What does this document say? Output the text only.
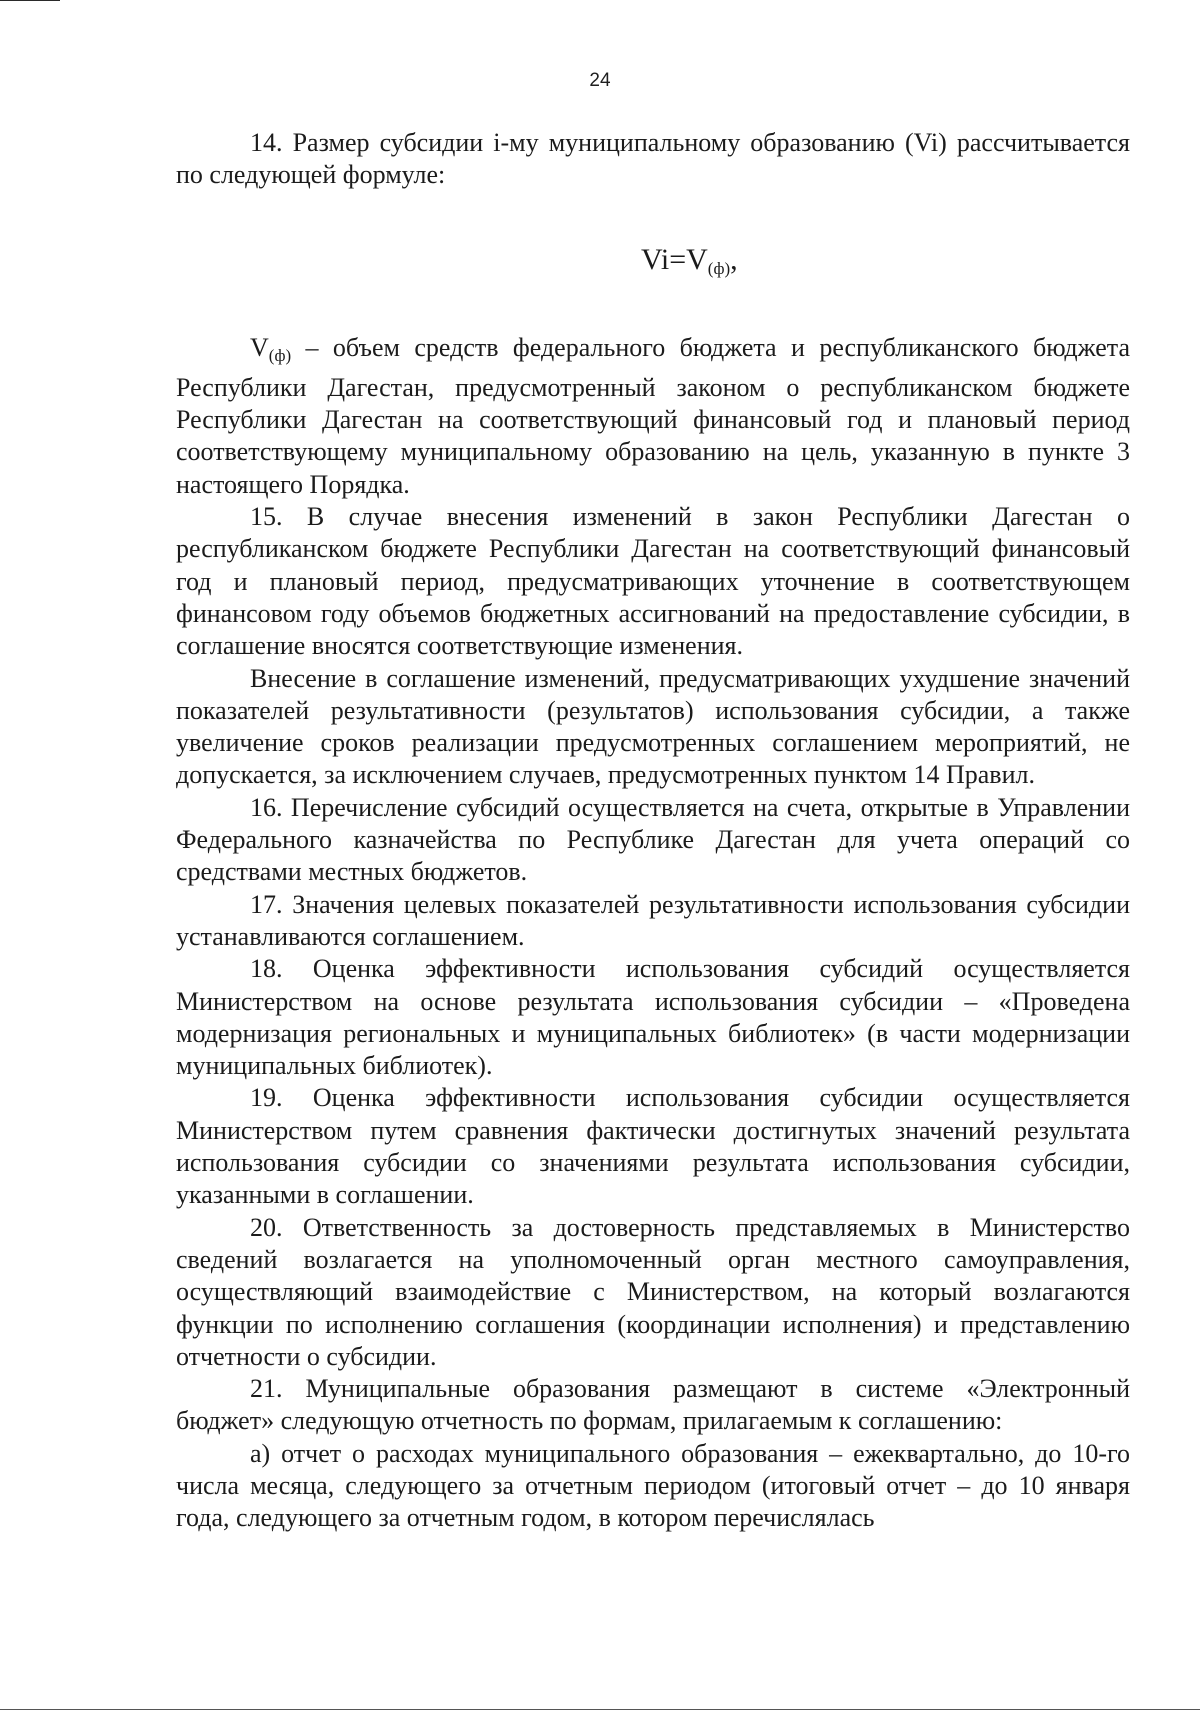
24

14. Размер субсидии i-му муниципальному образованию (Vi) рассчитывается по следующей формуле:

$Vi=V_{(ф)}$,

$V_{(ф)}$ – объем средств федерального бюджета и республиканского бюджета Республики Дагестан, предусмотренный законом о республиканском бюджете Республики Дагестан на соответствующий финансовый год и плановый период соответствующему муниципальному образованию на цель, указанную в пункте 3 настоящего Порядка.

15. В случае внесения изменений в закон Республики Дагестан о республиканском бюджете Республики Дагестан на соответствующий финансовый год и плановый период, предусматривающих уточнение в соответствующем финансовом году объемов бюджетных ассигнований на предоставление субсидии, в соглашение вносятся соответствующие изменения.

Внесение в соглашение изменений, предусматривающих ухудшение значений показателей результативности (результатов) использования субсидии, а также увеличение сроков реализации предусмотренных соглашением мероприятий, не допускается, за исключением случаев, предусмотренных пунктом 14 Правил.

16. Перечисление субсидий осуществляется на счета, открытые в Управлении Федерального казначейства по Республике Дагестан для учета операций со средствами местных бюджетов.

17. Значения целевых показателей результативности использования субсидии устанавливаются соглашением.

18. Оценка эффективности использования субсидий осуществляется Министерством на основе результата использования субсидии – «Проведена модернизация региональных и муниципальных библиотек» (в части модернизации муниципальных библиотек).

19. Оценка эффективности использования субсидии осуществляется Министерством путем сравнения фактически достигнутых значений результата использования субсидии со значениями результата использования субсидии, указанными в соглашении.

20. Ответственность за достоверность представляемых в Министерство сведений возлагается на уполномоченный орган местного самоуправления, осуществляющий взаимодействие с Министерством, на который возлагаются функции по исполнению соглашения (координации исполнения) и представлению отчетности о субсидии.

21. Муниципальные образования размещают в системе «Электронный бюджет» следующую отчетность по формам, прилагаемым к соглашению:

а) отчет о расходах муниципального образования – ежеквартально, до 10-го числа месяца, следующего за отчетным периодом (итоговый отчет – до 10 января года, следующего за отчетным годом, в котором перечислялась
